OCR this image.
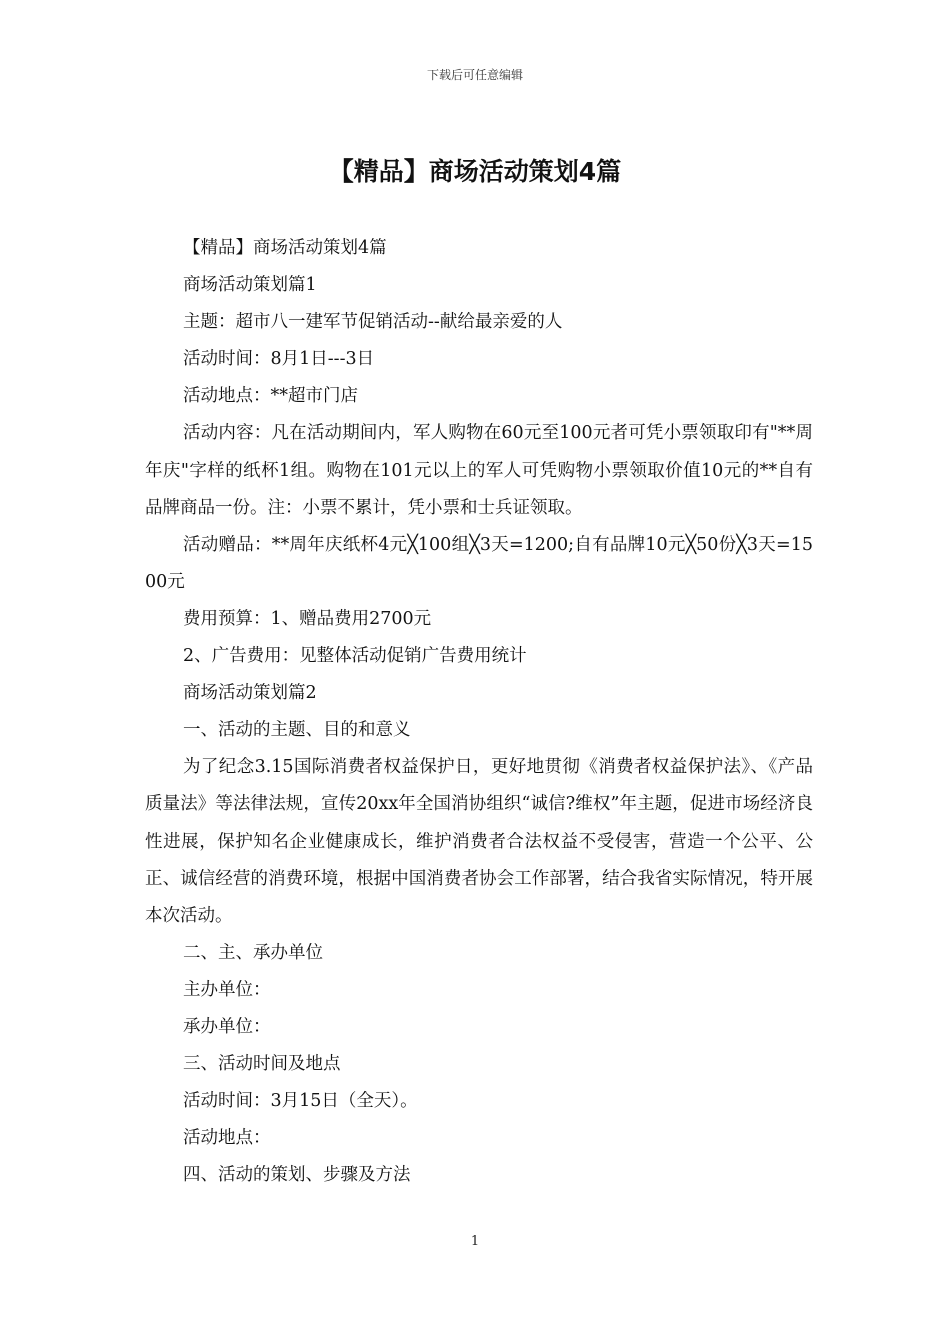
下载后可任意编辑
【精品】商场活动策划4篇

【精品】商场活动策划4篇

商场活动策划篇1

主题：超市八一建军节促销活动--献给最亲爱的人

活动时间：8月1日---3日

活动地点：**超市门店

活动内容：凡在活动期间内，军人购物在60元至100元者可凭小票领取印有"**周年庆"字样的纸杯1组。购物在101元以上的军人可凭购物小票领取价值10元的**自有品牌商品一份。注：小票不累计，凭小票和士兵证领取。

活动赠品：**周年庆纸杯4元╳100组╳3天=1200;自有品牌10元╳50份╳3天=1500元

费用预算：1、赠品费用2700元

2、广告费用：见整体活动促销广告费用统计

商场活动策划篇2

一、活动的主题、目的和意义

为了纪念3.15国际消费者权益保护日，更好地贯彻《消费者权益保护法》、《产品质量法》等法律法规，宣传20xx年全国消协组织“诚信?维权”年主题，促进市场经济良性进展，保护知名企业健康成长，维护消费者合法权益不受侵害，营造一个公平、公正、诚信经营的消费环境，根据中国消费者协会工作部署，结合我省实际情况，特开展本次活动。

二、主、承办单位

主办单位：

承办单位：

三、活动时间及地点

活动时间：3月15日（全天）。

活动地点：

四、活动的策划、步骤及方法

1
